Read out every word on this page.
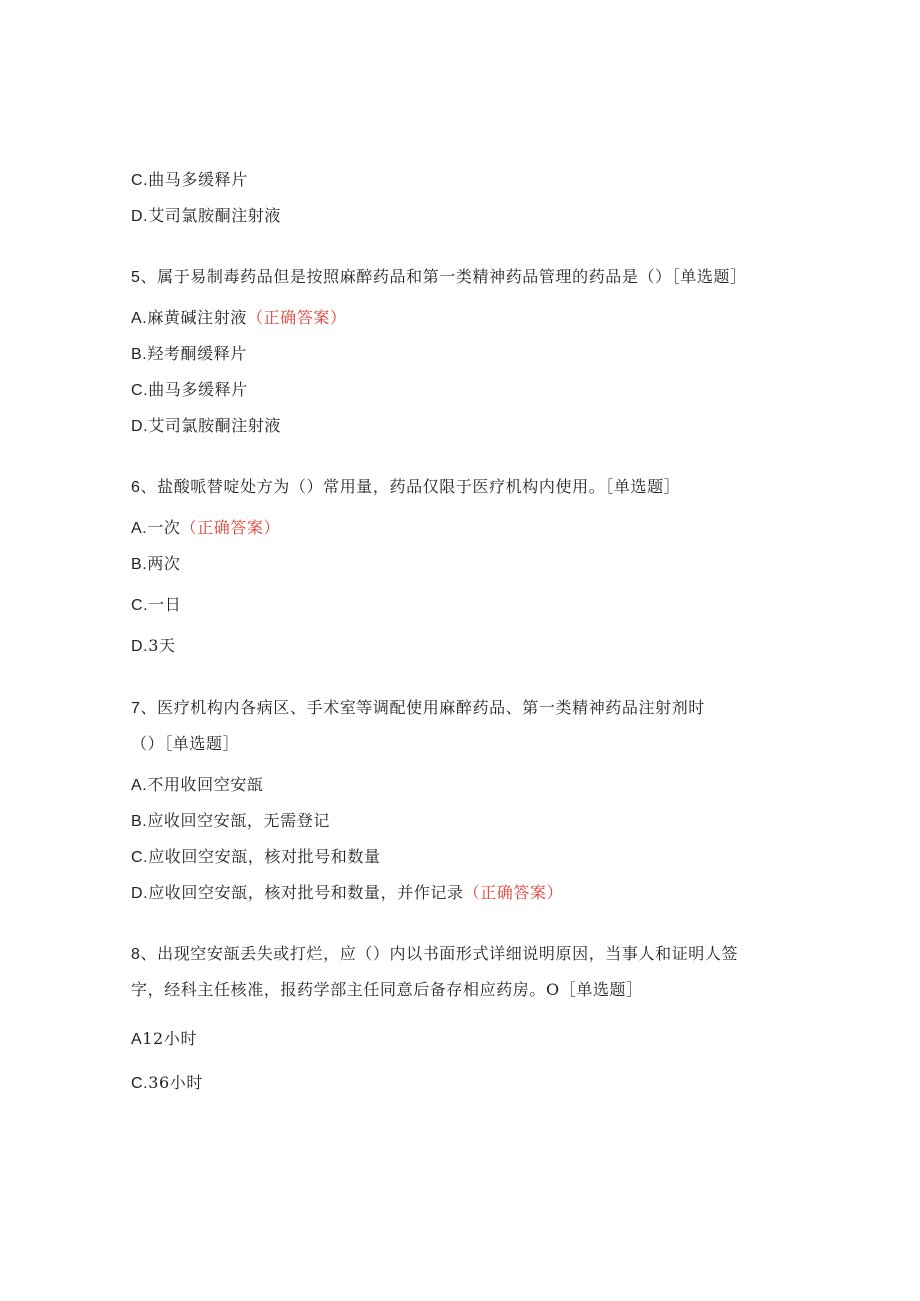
C.曲马多缓释片
D.艾司氯胺酮注射液
5、属于易制毒药品但是按照麻醉药品和第一类精神药品管理的药品是（）［单选题］
A.麻黄碱注射液（正确答案）
B.羟考酮缓释片
C.曲马多缓释片
D.艾司氯胺酮注射液
6、盐酸哌替啶处方为（）常用量，药品仅限于医疗机构内使用。［单选题］
A.一次（正确答案）
B.两次
C.一日
D.3天
7、医疗机构内各病区、手术室等调配使用麻醉药品、第一类精神药品注射剂时
（）［单选题］
A.不用收回空安瓿
B.应收回空安瓿，无需登记
C.应收回空安瓿，核对批号和数量
D.应收回空安瓿，核对批号和数量，并作记录（正确答案）
8、出现空安瓿丢失或打烂，应（）内以书面形式详细说明原因，当事人和证明人签
字，经科主任核准，报药学部主任同意后备存相应药房。O［单选题］
A12小时
C.36小时
